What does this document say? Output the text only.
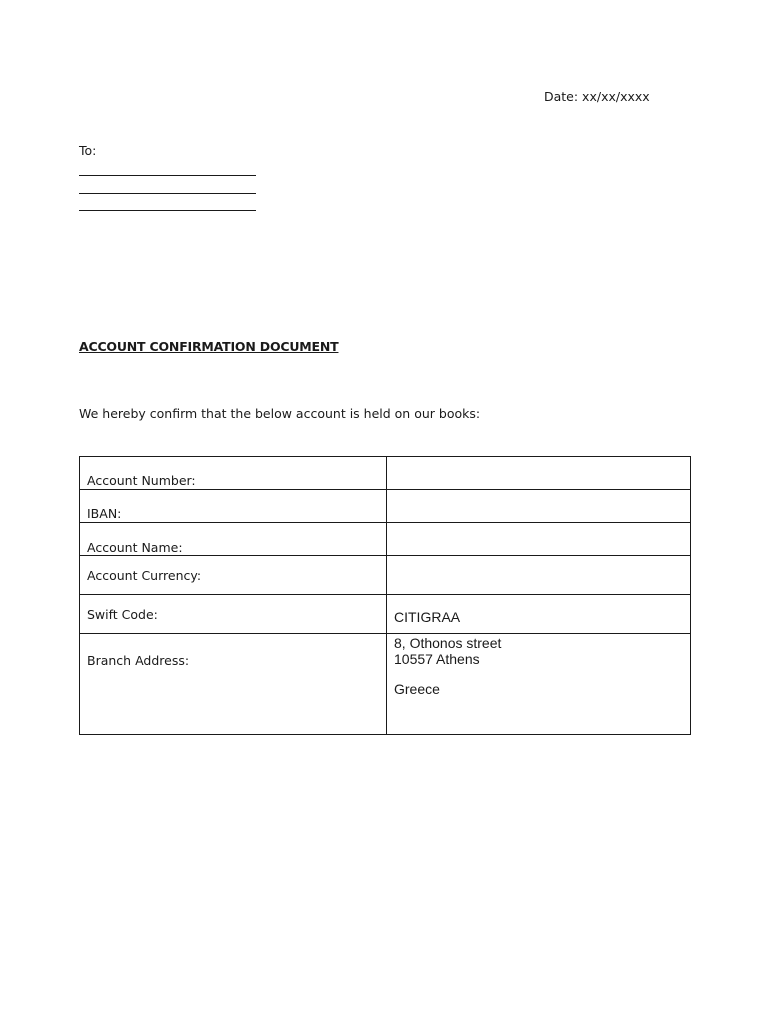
Date: xx/xx/xxxx
To:
ACCOUNT CONFIRMATION DOCUMENT
We hereby confirm that the below account is held on our books:
Account Number:	

IBAN:	

Account Name:	

Account Currency:	

Swift Code:	CITIGRAA

Branch Address:	8, Othonos street
10557 Athens
Greece
